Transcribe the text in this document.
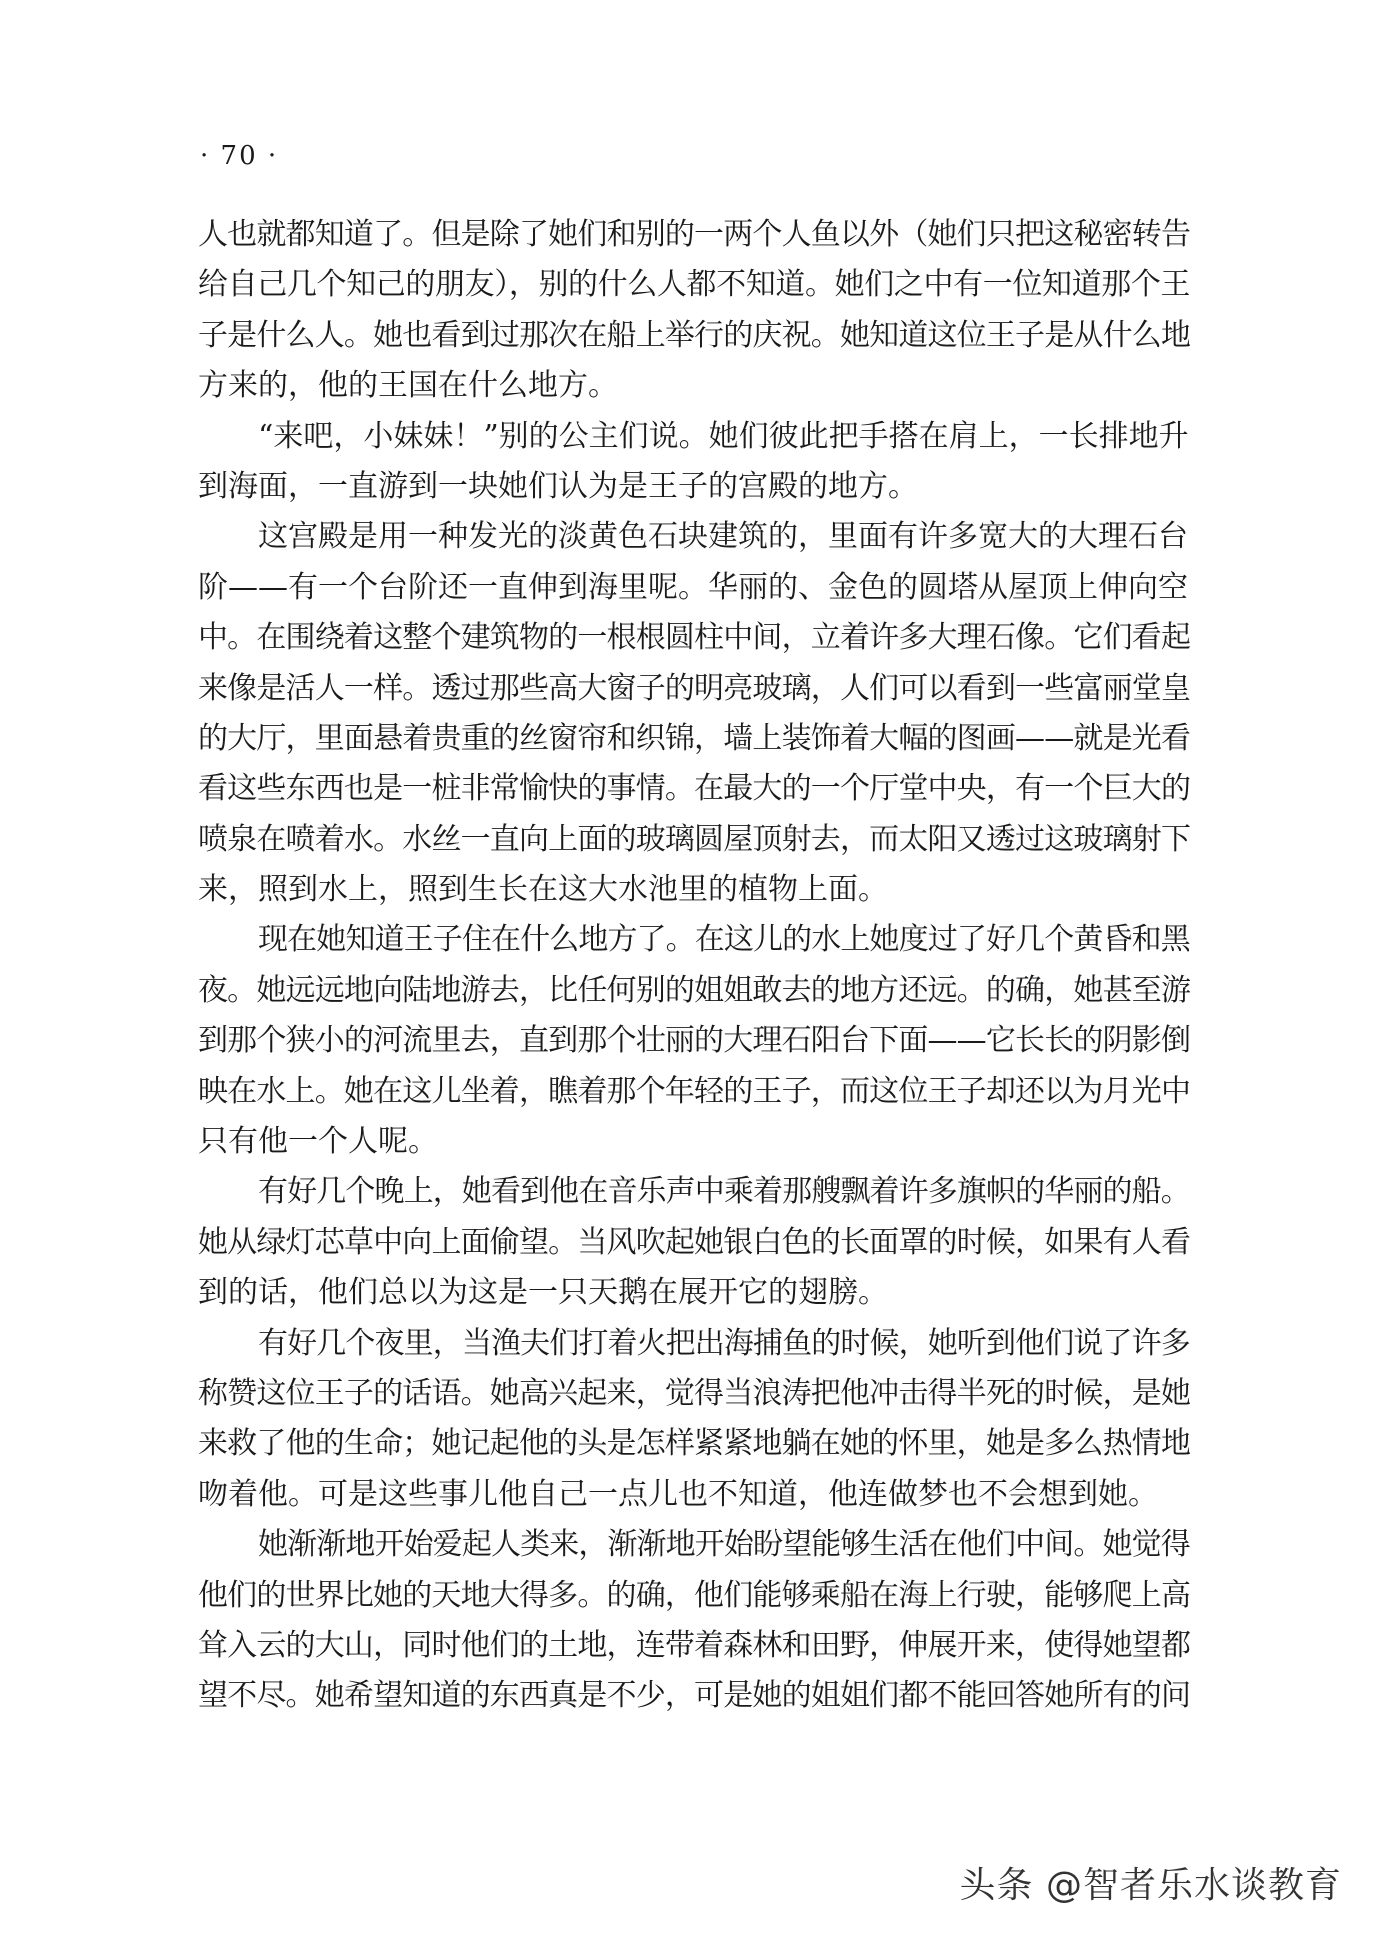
· 70 ·
人也就都知道了。但是除了她们和别的一两个人鱼以外（她们只把这秘密转告
给自己几个知己的朋友），别的什么人都不知道。她们之中有一位知道那个王
子是什么人。她也看到过那次在船上举行的庆祝。她知道这位王子是从什么地
方来的，他的王国在什么地方。
“来吧，小妹妹！”别的公主们说。她们彼此把手搭在肩上，一长排地升
到海面，一直游到一块她们认为是王子的宫殿的地方。
这宫殿是用一种发光的淡黄色石块建筑的，里面有许多宽大的大理石台
阶——有一个台阶还一直伸到海里呢。华丽的、金色的圆塔从屋顶上伸向空
中。在围绕着这整个建筑物的一根根圆柱中间，立着许多大理石像。它们看起
来像是活人一样。透过那些高大窗子的明亮玻璃，人们可以看到一些富丽堂皇
的大厅，里面悬着贵重的丝窗帘和织锦，墙上装饰着大幅的图画——就是光看
看这些东西也是一桩非常愉快的事情。在最大的一个厅堂中央，有一个巨大的
喷泉在喷着水。水丝一直向上面的玻璃圆屋顶射去，而太阳又透过这玻璃射下
来，照到水上，照到生长在这大水池里的植物上面。
现在她知道王子住在什么地方了。在这儿的水上她度过了好几个黄昏和黑
夜。她远远地向陆地游去，比任何别的姐姐敢去的地方还远。的确，她甚至游
到那个狭小的河流里去，直到那个壮丽的大理石阳台下面——它长长的阴影倒
映在水上。她在这儿坐着，瞧着那个年轻的王子，而这位王子却还以为月光中
只有他一个人呢。
有好几个晚上，她看到他在音乐声中乘着那艘飘着许多旗帜的华丽的船。
她从绿灯芯草中向上面偷望。当风吹起她银白色的长面罩的时候，如果有人看
到的话，他们总以为这是一只天鹅在展开它的翅膀。
有好几个夜里，当渔夫们打着火把出海捕鱼的时候，她听到他们说了许多
称赞这位王子的话语。她高兴起来，觉得当浪涛把他冲击得半死的时候，是她
来救了他的生命；她记起他的头是怎样紧紧地躺在她的怀里，她是多么热情地
吻着他。可是这些事儿他自己一点儿也不知道，他连做梦也不会想到她。
她渐渐地开始爱起人类来，渐渐地开始盼望能够生活在他们中间。她觉得
他们的世界比她的天地大得多。的确，他们能够乘船在海上行驶，能够爬上高
耸入云的大山，同时他们的土地，连带着森林和田野，伸展开来，使得她望都
望不尽。她希望知道的东西真是不少，可是她的姐姐们都不能回答她所有的问
头条 @智者乐水谈教育
